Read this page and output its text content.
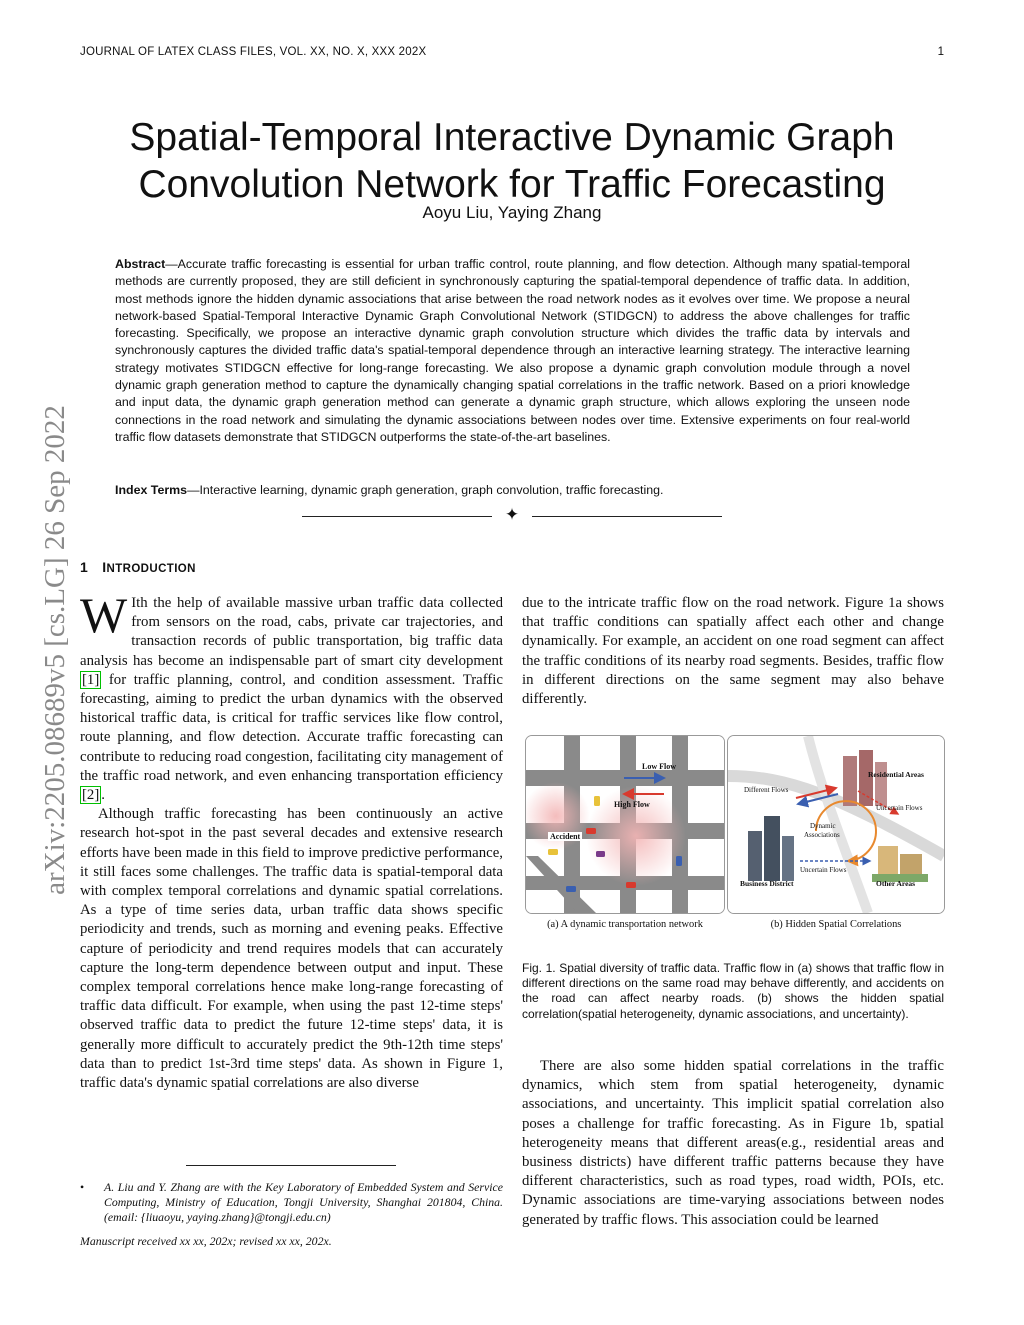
JOURNAL OF LATEX CLASS FILES, VOL. XX, NO. X, XXX 202X	1
arXiv:2205.08689v5 [cs.LG] 26 Sep 2022
Spatial-Temporal Interactive Dynamic Graph Convolution Network for Traffic Forecasting
Aoyu Liu, Yaying Zhang
Abstract—Accurate traffic forecasting is essential for urban traffic control, route planning, and flow detection. Although many spatial-temporal methods are currently proposed, they are still deficient in synchronously capturing the spatial-temporal dependence of traffic data. In addition, most methods ignore the hidden dynamic associations that arise between the road network nodes as it evolves over time. We propose a neural network-based Spatial-Temporal Interactive Dynamic Graph Convolutional Network (STIDGCN) to address the above challenges for traffic forecasting. Specifically, we propose an interactive dynamic graph convolution structure which divides the traffic data by intervals and synchronously captures the divided traffic data's spatial-temporal dependence through an interactive learning strategy. The interactive learning strategy motivates STIDGCN effective for long-range forecasting. We also propose a dynamic graph convolution module through a novel dynamic graph generation method to capture the dynamically changing spatial correlations in the traffic network. Based on a priori knowledge and input data, the dynamic graph generation method can generate a dynamic graph structure, which allows exploring the unseen node connections in the road network and simulating the dynamic associations between nodes over time. Extensive experiments on four real-world traffic flow datasets demonstrate that STIDGCN outperforms the state-of-the-art baselines.
Index Terms—Interactive learning, dynamic graph generation, graph convolution, traffic forecasting.
✦
1 INTRODUCTION

W Ith the help of available massive urban traffic data collected from sensors on the road, cabs, private car trajectories, and transaction records of public transportation, big traffic data analysis has become an indispensable part of smart city development [1] for traffic planning, control, and condition assessment. Traffic forecasting, aiming to predict the urban dynamics with the observed historical traffic data, is critical for traffic services like flow control, route planning, and flow detection. Accurate traffic forecasting can contribute to reducing road congestion, facilitating city management of the traffic road network, and even enhancing transportation efficiency [2] .

Although traffic forecasting has been continuously an active research hot-spot in the past several decades and extensive research efforts have been made in this field to improve predictive performance, it still faces some challenges. The traffic data is spatial-temporal data with complex temporal correlations and dynamic spatial correlations. As a type of time series data, urban traffic data shows specific periodicity and trends, such as morning and evening peaks. Effective capture of periodicity and trend requires models that can accurately capture the long-term dependence between output and input. These complex temporal correlations hence make long-range forecasting of traffic data difficult. For example, when using the past 12-time steps' observed traffic data to predict the future 12-time steps' data, it is generally more difficult to accurately predict the 9th-12th time steps' data than to predict 1st-3rd time steps' data. As shown in Figure 1, traffic data's dynamic spatial correlations are also diverse

due to the intricate traffic flow on the road network. Figure 1a shows that traffic conditions can spatially affect each other and change dynamically. For example, an accident on one road segment can affect the traffic conditions of its nearby road segments. Besides, traffic flow in different directions on the same segment may also behave differently.

Low Flow
High Flow
Accident
Residential Areas
Different Flows
Uncertain Flows
Dynamic
Associations
Uncertain Flows
Business District	Other Areas
(a) A dynamic transportation network	(b) Hidden Spatial Correlations
Fig. 1. Spatial diversity of traffic data. Traffic flow in (a) shows that traffic flow in different directions on the same road may behave differently, and accidents on the road can affect nearby roads. (b) shows the hidden spatial correlation(spatial heterogeneity, dynamic associations, and uncertainty).

There are also some hidden spatial correlations in the traffic dynamics, which stem from spatial heterogeneity, dynamic associations, and uncertainty. This implicit spatial correlation also poses a challenge for traffic forecasting. As in Figure 1b, spatial heterogeneity means that different areas(e.g., residential areas and business districts) have different traffic patterns because they have different characteristics, such as road types, road width, POIs, etc. Dynamic associations are time-varying associations between nodes generated by traffic flows. This association could be learned

• A. Liu and Y. Zhang are with the Key Laboratory of Embedded System and Service Computing, Ministry of Education, Tongji University, Shanghai 201804, China. (email: {liuaoyu, yaying.zhang}@tongji.edu.cn)
Manuscript received xx xx, 202x; revised xx xx, 202x.
